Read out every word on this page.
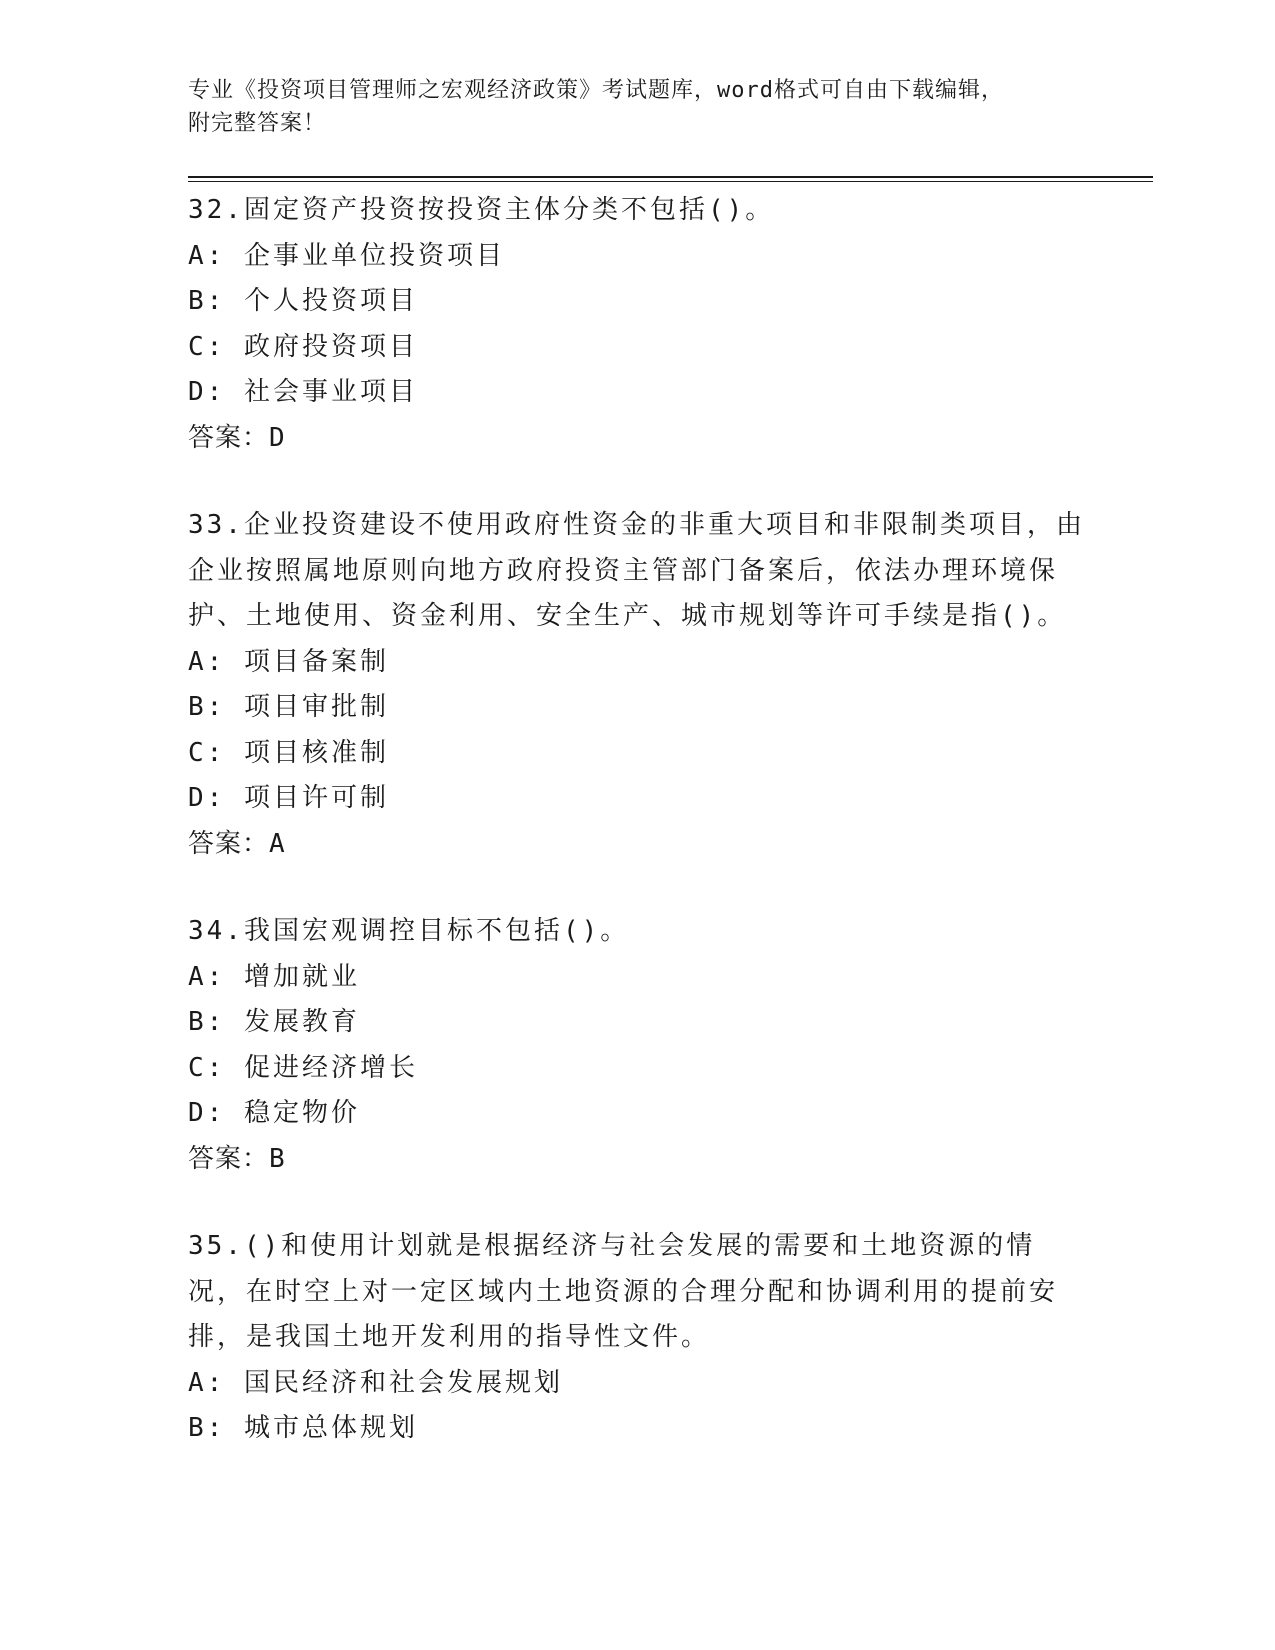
专业《投资项目管理师之宏观经济政策》考试题库，word格式可自由下载编辑，
附完整答案！

32.固定资产投资按投资主体分类不包括()。

A: 企事业单位投资项目

B: 个人投资项目

C: 政府投资项目

D: 社会事业项目

答案：D

33.企业投资建设不使用政府性资金的非重大项目和非限制类项目，由企业按照属地原则向地方政府投资主管部门备案后，依法办理环境保护、土地使用、资金利用、安全生产、城市规划等许可手续是指()。

A: 项目备案制

B: 项目审批制

C: 项目核准制

D: 项目许可制

答案：A

34.我国宏观调控目标不包括()。

A: 增加就业

B: 发展教育

C: 促进经济增长

D: 稳定物价

答案：B

35.()和使用计划就是根据经济与社会发展的需要和土地资源的情况，在时空上对一定区域内土地资源的合理分配和协调利用的提前安排，是我国土地开发利用的指导性文件。

A: 国民经济和社会发展规划

B: 城市总体规划
